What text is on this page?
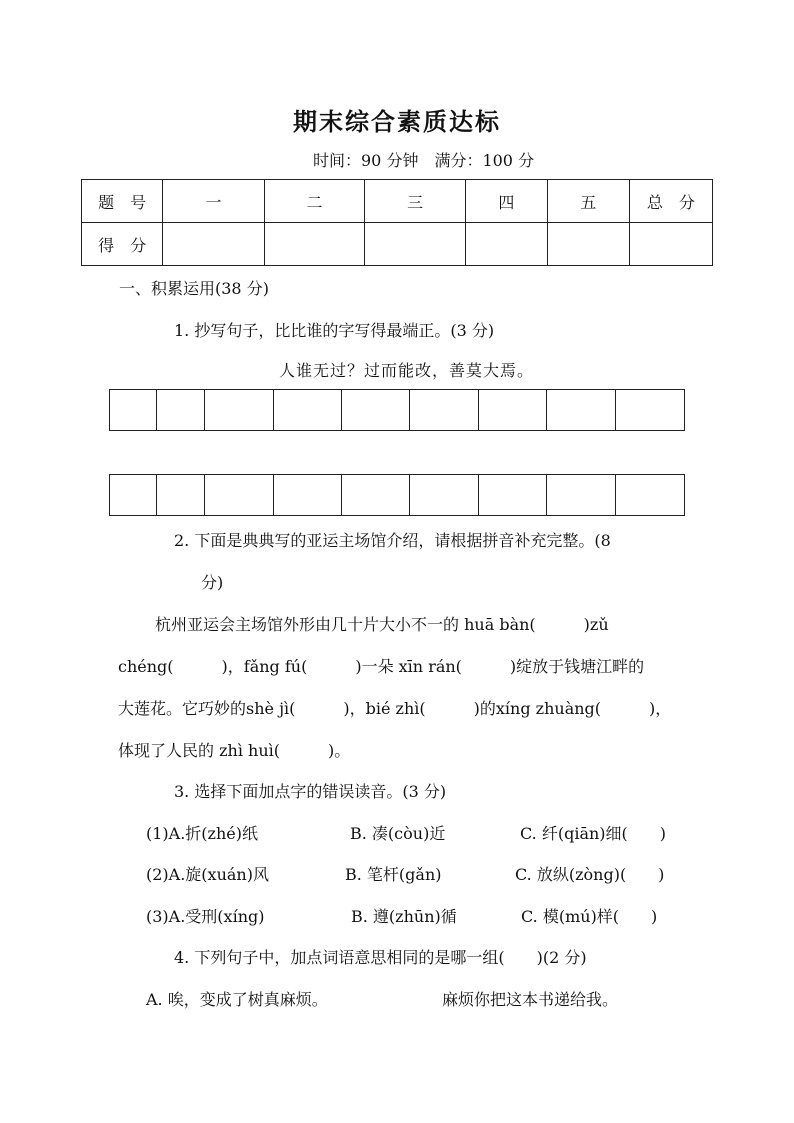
期末综合素质达标
时间：90 分钟　满分：100 分
题　号	一	二	三	四	五	总　分
得　分						
一、积累运用(38 分)
1. 抄写句子，比比谁的字写得最端正。(3 分)
人谁无过？过而能改，善莫大焉。
2. 下面是典典写的亚运主场馆介绍，请根据拼音补充完整。(8
分)
杭州亚运会主场馆外形由几十片大小不一的 huā bàn(　　　)zǔ
chéng(　　　)，fǎng fú(　　　)一朵 xīn rán(　　　)绽放于钱塘江畔的
大莲花。它巧妙的shè jì(　　　)，bié zhì(　　　)的xíng zhuàng(　　　)，
体现了人民的 zhì huì(　　　)。
3. 选择下面加点字的错误读音。(3 分)
(1)A.折(zhé)纸	B. 凑(còu)近	C. 纤(qiān)细(　　)
(2)A.旋(xuán)风	B. 笔杆(gǎn)	C. 放纵(zòng)(　　)
(3)A.受刑(xíng)	B. 遵(zhūn)循	C. 模(mú)样(　　)
4. 下列句子中，加点词语意思相同的是哪一组(　　)(2 分)
A. 唉，变成了树真麻烦。	麻烦你把这本书递给我。
